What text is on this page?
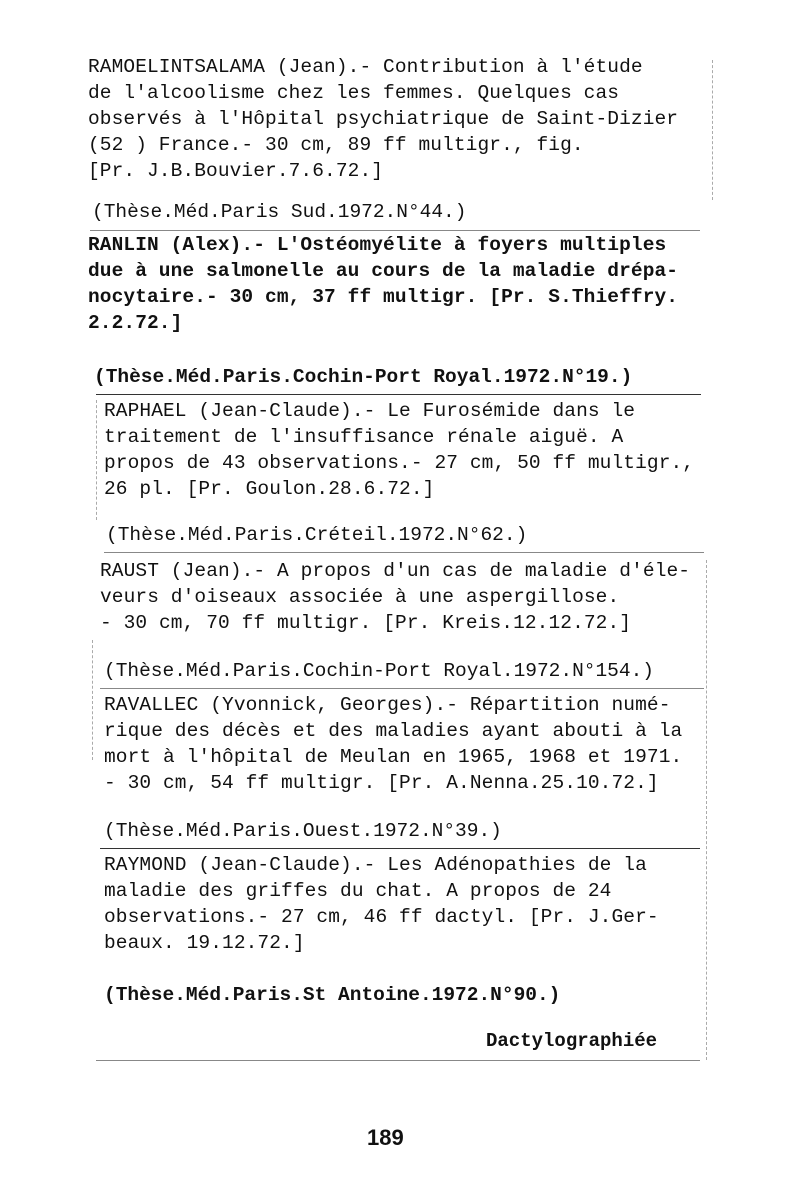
RAMOELINTSALAMA (Jean).- Contribution à l'étude
de l'alcoolisme chez les femmes. Quelques cas
observés à l'Hôpital psychiatrique de Saint-Dizier
(52 ) France.- 30 cm, 89 ff multigr., fig.
[Pr. J.B.Bouvier.7.6.72.]
(Thèse.Méd.Paris Sud.1972.N°44.)
RANLIN (Alex).- L'Ostéomyélite à foyers multiples
due à une salmonelle au cours de la maladie drépa-
nocytaire.- 30 cm, 37 ff multigr. [Pr. S.Thieffry.
2.2.72.]
(Thèse.Méd.Paris.Cochin-Port Royal.1972.N°19.)
RAPHAEL (Jean-Claude).- Le Furosémide dans le
traitement de l'insuffisance rénale aiguë. A
propos de 43 observations.- 27 cm, 50 ff multigr.,
26 pl. [Pr. Goulon.28.6.72.]
(Thèse.Méd.Paris.Créteil.1972.N°62.)
RAUST (Jean).- A propos d'un cas de maladie d'éle-
veurs d'oiseaux associée à une aspergillose.
- 30 cm, 70 ff multigr. [Pr. Kreis.12.12.72.]
(Thèse.Méd.Paris.Cochin-Port Royal.1972.N°154.)
RAVALLEC (Yvonnick, Georges).- Répartition numé-
rique des décès et des maladies ayant abouti à la
mort à l'hôpital de Meulan en 1965, 1968 et 1971.
- 30 cm, 54 ff multigr. [Pr. A.Nenna.25.10.72.]
(Thèse.Méd.Paris.Ouest.1972.N°39.)
RAYMOND (Jean-Claude).- Les Adénopathies de la
maladie des griffes du chat. A propos de 24
observations.- 27 cm, 46 ff dactyl. [Pr. J.Ger-
beaux. 19.12.72.]
(Thèse.Méd.Paris.St Antoine.1972.N°90.)
Dactylographiée
189
